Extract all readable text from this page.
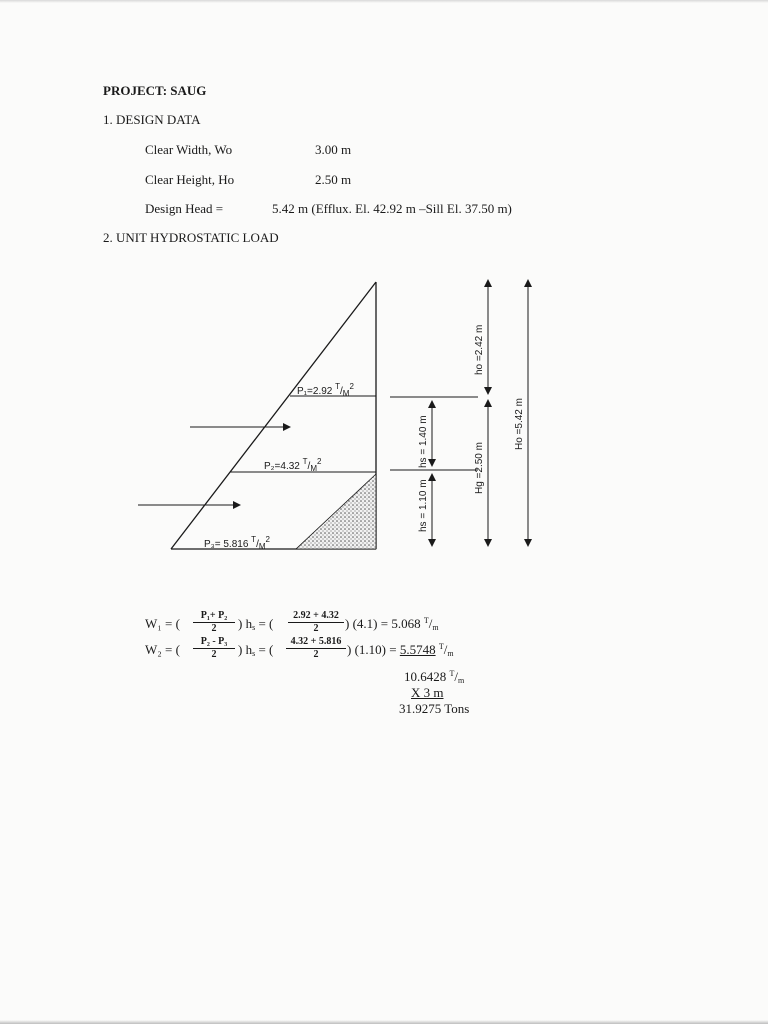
PROJECT: SAUG
1. DESIGN DATA
Clear Width, Wo	3.00 m
Clear Height, Ho	2.50 m
Design Head =	5.42 m (Efflux. El. 42.92 m –Sill El. 37.50 m)
2. UNIT HYDROSTATIC LOAD
ho =2.42 m
hs = 1.40 m
Hg =2.50 m
hs = 1.10 m
Ho =5.42 m
P₁=2.92 $^T/_M^2$
P₂=4.32 $^T/_M^2$
P₃= 5.816 $^T/_M^2$
W₁ = ( $\frac{\text{P₁+ P₂}}{2}$ ) $h_s$ = ( $\frac{2.92 + 4.32}{2}$ ) (4.1) = 5.068 $^T/_m$
W₂ = ( $\frac{\text{P₂ - P₃}}{2}$ ) $h_s$ = ( $\frac{4.32 + 5.816}{2}$ ) (1.10) = 5.5748 $^T/_m$
10.6428 $^T/_m$
X 3 m
31.9275 Tons
